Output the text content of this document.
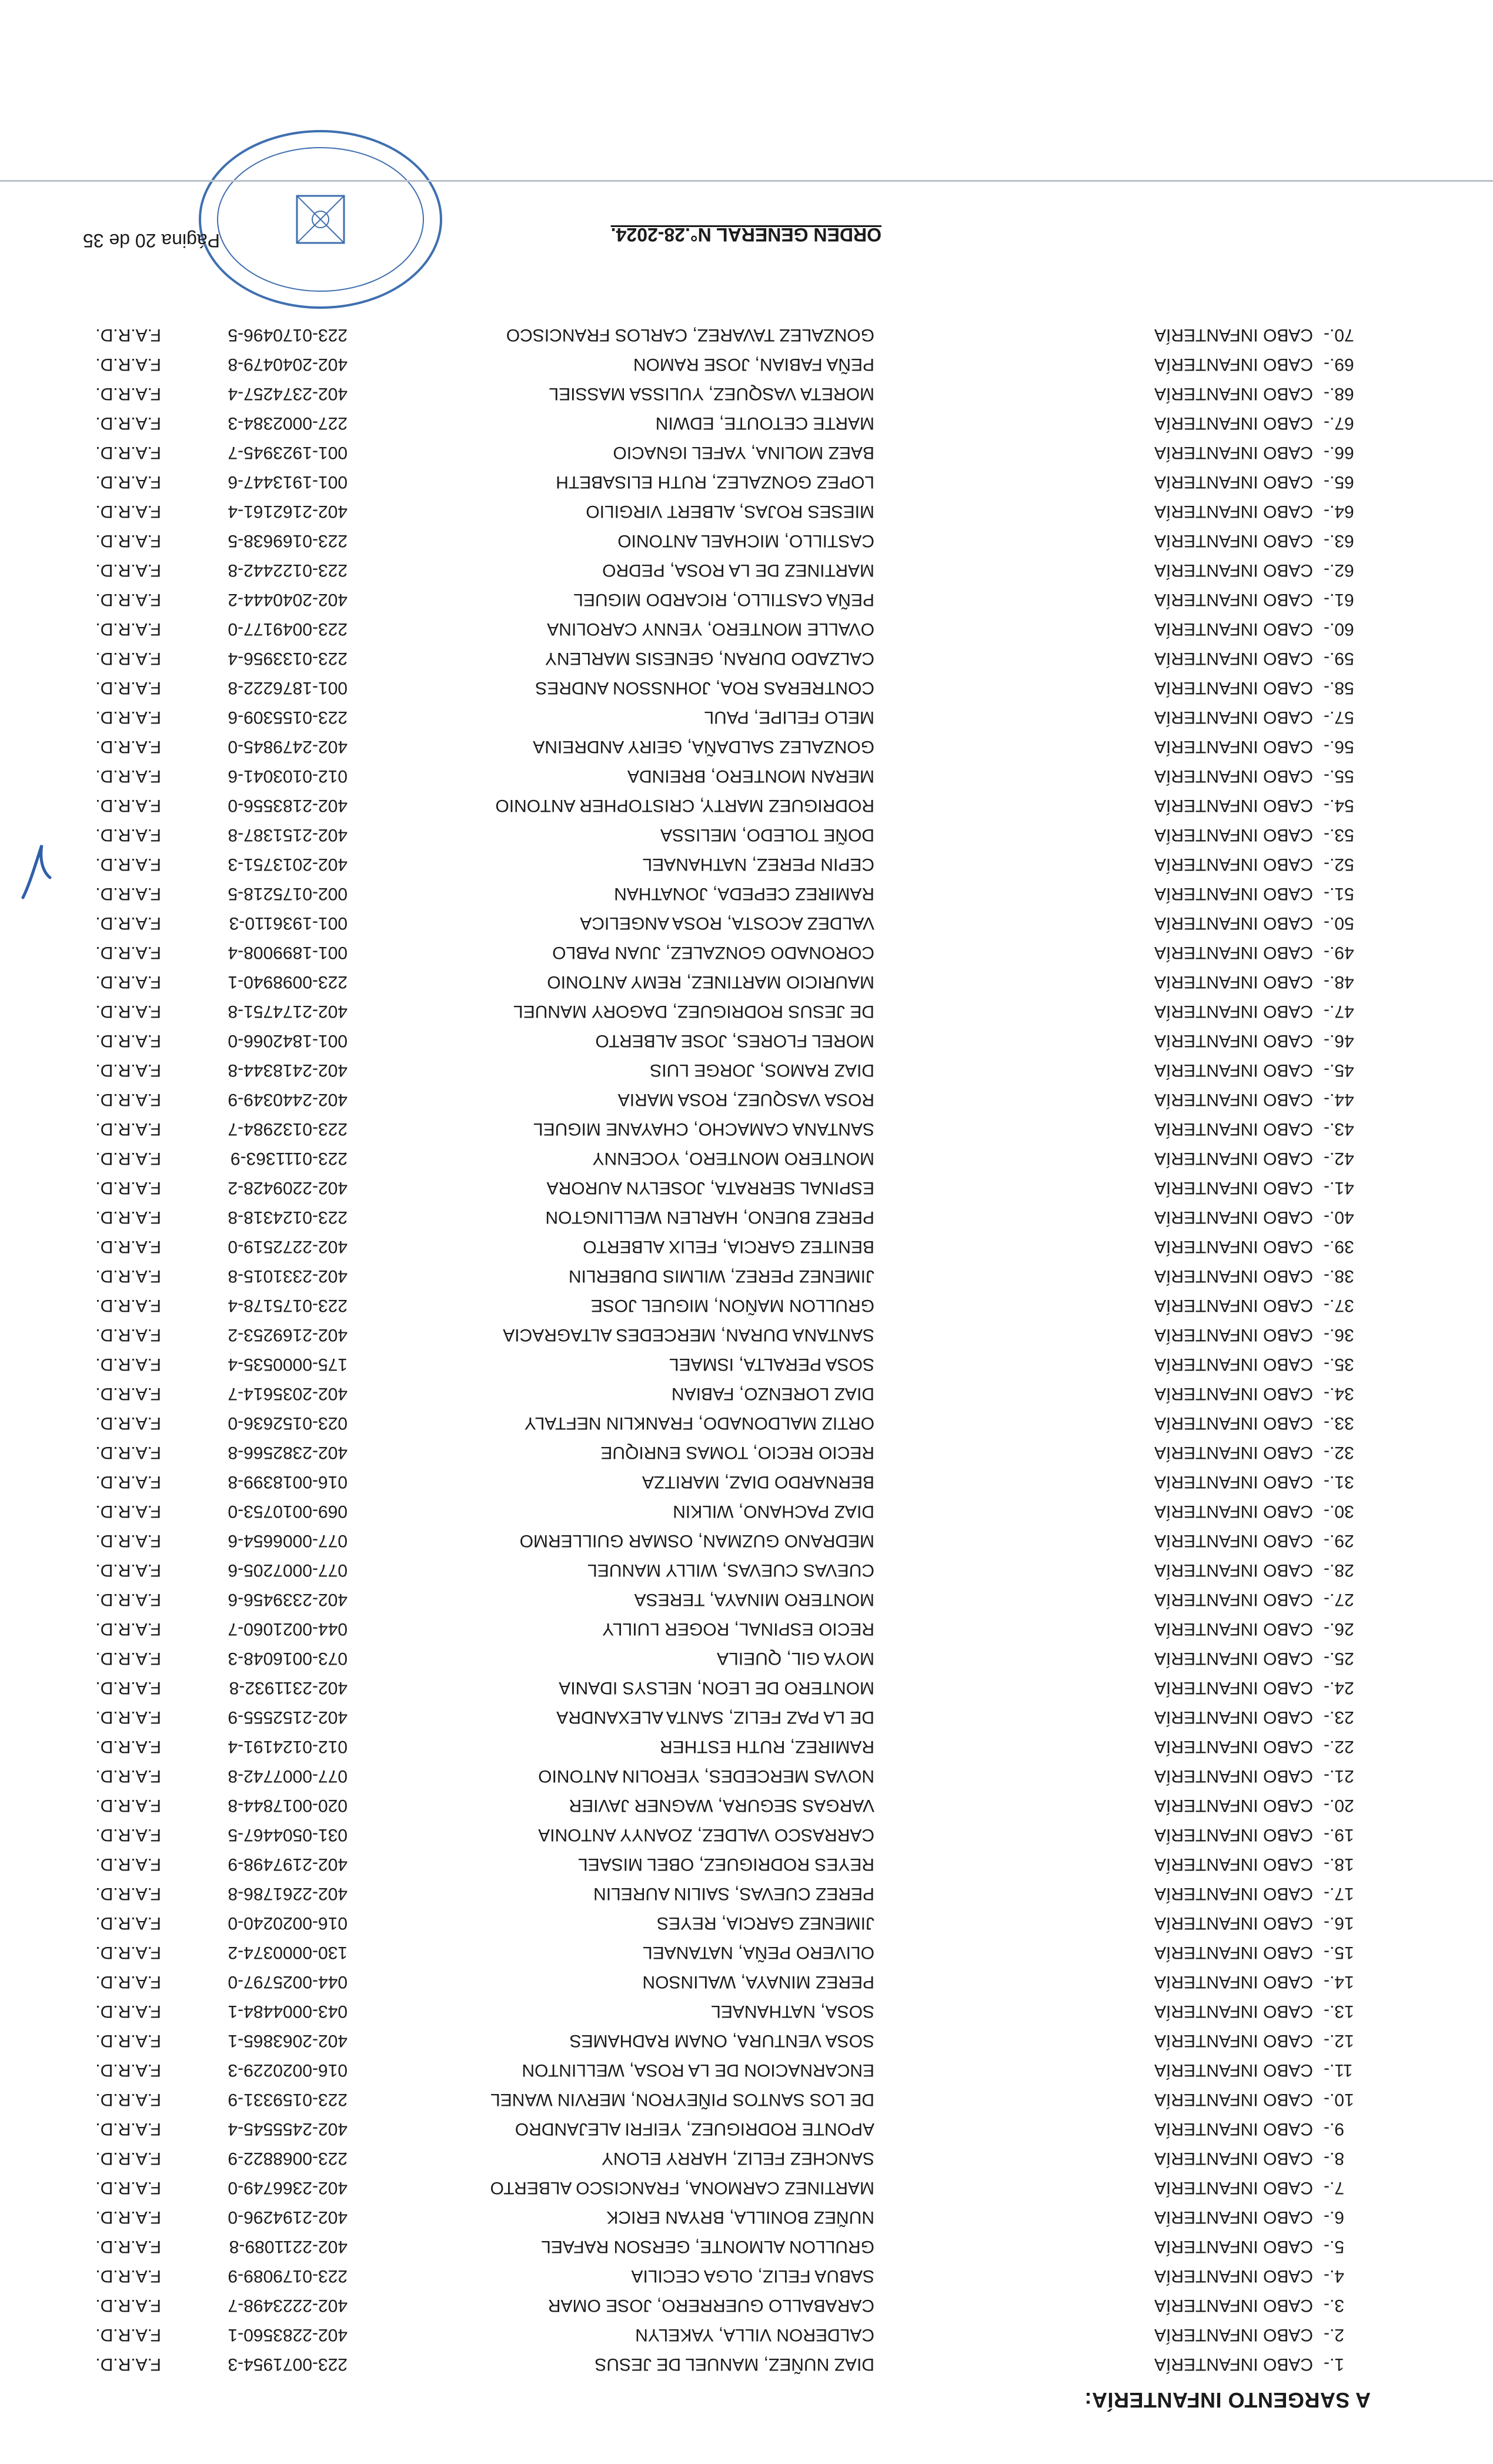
A SARGENTO INFANTERÍA:
1.-
CABO INFANTERÍA
DIAZ NUÑEZ, MANUEL DE JESUS
223-0071954-3
F.A.R.D.
2.-
CABO INFANTERÍA
CALDERON VILLA, YAKELYN
402-2283560-1
F.A.R.D.
3.-
CABO INFANTERÍA
CARABALLO GUERRERO, JOSE OMAR
402-2223498-7
F.A.R.D.
4.-
CABO INFANTERÍA
SABUA FELIZ, OLGA CECILIA
223-0179089-9
F.A.R.D.
5.-
CABO INFANTERÍA
GRULLON ALMONTE, GERSON RAFAEL
402-2211089-8
F.A.R.D.
6.-
CABO INFANTERÍA
NUÑEZ BONILLA, BRYAN ERICK
402-2194296-0
F.A.R.D.
7.-
CABO INFANTERÍA
MARTINEZ CARMONA, FRANCISCO ALBERTO
402-2366749-0
F.A.R.D.
8.-
CABO INFANTERÍA
SANCHEZ FELIZ, HARRY ELONY
223-0068822-9
F.A.R.D.
9.-
CABO INFANTERÍA
APONTE RODRIGUEZ, YEIFRI ALEJANDRO
402-2455545-4
F.A.R.D.
10.-
CABO INFANTERÍA
DE LOS SANTOS PIÑEYRON, MERVIN WANEL
223-0159331-9
F.A.R.D.
11.-
CABO INFANTERÍA
ENCARNACION DE LA ROSA, WELLINTON
016-0020229-3
F.A.R.D.
12.-
CABO INFANTERÍA
SOSA VENTURA, ONAM RADHAMES
402-2063865-1
F.A.R.D.
13.-
CABO INFANTERÍA
SOSA, NATHANAEL
043-0004484-1
F.A.R.D.
14.-
CABO INFANTERÍA
PEREZ MINAYA, WALINSON
044-0025797-0
F.A.R.D.
15.-
CABO INFANTERÍA
OLIVERO PEÑA, NATANAEL
130-0000374-2
F.A.R.D.
16.-
CABO INFANTERÍA
JIMENEZ GARCIA, REYES
016-0020240-0
F.A.R.D.
17.-
CABO INFANTERÍA
PEREZ CUEVAS, SAILIN AURELIN
402-2261786-8
F.A.R.D.
18.-
CABO INFANTERÍA
REYES RODRIGUEZ, OBEL MISAEL
402-2197498-9
F.A.R.D.
19.-
CABO INFANTERÍA
CARRASCO VALDEZ, ZOANYY ANTONIA
031-0504467-5
F.A.R.D.
20.-
CABO INFANTERÍA
VARGAS SEGURA, WAGNER JAVIER
020-0017844-8
F.A.R.D.
21.-
CABO INFANTERÍA
NOVAS MERCEDES, YEROLIN ANTONIO
077-0007742-8
F.A.R.D.
22.-
CABO INFANTERÍA
RAMIREZ, RUTH ESTHER
012-0124191-4
F.A.R.D.
23.-
CABO INFANTERÍA
DE LA PAZ FELIZ, SANTA ALEXANDRA
402-2152555-9
F.A.R.D.
24.-
CABO INFANTERÍA
MONTERO DE LEON, NELSYS IDANIA
402-2311932-8
F.A.R.D.
25.-
CABO INFANTERÍA
MOYA GIL, QUEILA
073-0016048-3
F.A.R.D.
26.-
CABO INFANTERÍA
RECIO ESPINAL, ROGER LUILLY
044-0021060-7
F.A.R.D.
27.-
CABO INFANTERÍA
MONTERO MINAYA, TERESA
402-2339456-6
F.A.R.D.
28.-
CABO INFANTERÍA
CUEVAS CUEVAS, WILLY MANUEL
077-0007205-6
F.A.R.D.
29.-
CABO INFANTERÍA
MEDRANO GUZMAN, OSMAR GUILLERMO
077-0006654-6
F.A.R.D.
30.-
CABO INFANTERÍA
DIAZ PACHANO, WILKIN
069-0010753-0
F.A.R.D.
31.-
CABO INFANTERÍA
BERNARDO DIAZ, MARITZA
016-0018399-8
F.A.R.D.
32.-
CABO INFANTERÍA
RECIO RECIO, TOMAS ENRIQUE
402-2382566-8
F.A.R.D.
33.-
CABO INFANTERÍA
ORTIZ MALDONADO, FRANKLIN NEFTALY
023-0152636-0
F.A.R.D.
34.-
CABO INFANTERÍA
DIAZ LORENZO, FABIAN
402-2035614-7
F.A.R.D.
35.-
CABO INFANTERÍA
SOSA PERALTA, ISMAEL
175-0000535-4
F.A.R.D.
36.-
CABO INFANTERÍA
SANTANA DURAN, MERCEDES ALTAGRACIA
402-2169253-2
F.A.R.D.
37.-
CABO INFANTERÍA
GRULLON MAÑON, MIGUEL JOSE
223-0175178-4
F.A.R.D.
38.-
CABO INFANTERÍA
JIMENEZ PEREZ, WILMIS DUBERLIN
402-2331015-8
F.A.R.D.
39.-
CABO INFANTERÍA
BENITEZ GARCIA, FELIX ALBERTO
402-2272519-0
F.A.R.D.
40.-
CABO INFANTERÍA
PEREZ BUENO, HARLEN WELLINGTON
223-0124318-8
F.A.R.D.
41.-
CABO INFANTERÍA
ESPINAL SERRATA, JOSELYN AURORA
402-2209428-2
F.A.R.D.
42.-
CABO INFANTERÍA
MONTERO MONTERO, YOCENNY
223-0111363-9
F.A.R.D.
43.-
CABO INFANTERÍA
SANTANA CAMACHO, CHAYANE MIGUEL
223-0132984-7
F.A.R.D.
44.-
CABO INFANTERÍA
ROSA VASQUEZ, ROSA MARIA
402-2440349-9
F.A.R.D.
45.-
CABO INFANTERÍA
DIAZ RAMOS, JORGE LUIS
402-2418344-8
F.A.R.D.
46.-
CABO INFANTERÍA
MOREL FLORES, JOSE ALBERTO
001-1842066-0
F.A.R.D.
47.-
CABO INFANTERÍA
DE JESUS RODRIGUEZ, DAGORY MANUEL
402-2174751-8
F.A.R.D.
48.-
CABO INFANTERÍA
MAURICIO MARTINEZ, REMY ANTONIO
223-0098940-1
F.A.R.D.
49.-
CABO INFANTERÍA
CORONADO GONZALEZ, JUAN PABLO
001-1899008-4
F.A.R.D.
50.-
CABO INFANTERÍA
VALDEZ ACOSTA, ROSA ANGELICA
001-1936110-3
F.A.R.D.
51.-
CABO INFANTERÍA
RAMIREZ CEPEDA, JONATHAN
002-0175218-5
F.A.R.D.
52.-
CABO INFANTERÍA
CEPIN PEREZ, NATHANAEL
402-2013751-3
F.A.R.D.
53.-
CABO INFANTERÍA
DOÑE TOLEDO, MELISSA
402-2151387-8
F.A.R.D.
54.-
CABO INFANTERÍA
RODRIGUEZ MARTY, CRISTOPHER ANTONIO
402-2183556-0
F.A.R.D.
55.-
CABO INFANTERÍA
MERAN MONTERO, BREINDA
012-0103041-6
F.A.R.D.
56.-
CABO INFANTERÍA
GONZALEZ SALDAÑA, GEIRY ANDREINA
402-2479845-0
F.A.R.D.
57.-
CABO INFANTERÍA
MELO FELIPE, PAUL
223-0155309-6
F.A.R.D.
58.-
CABO INFANTERÍA
CONTRERAS ROA, JOHNSSON ANDRES
001-1876222-8
F.A.R.D.
59.-
CABO INFANTERÍA
CALZADO DURAN, GENESIS MARLENY
223-0133956-4
F.A.R.D.
60.-
CABO INFANTERÍA
OVALLE MONTERO, YENNY CAROLINA
223-0049177-0
F.A.R.D.
61.-
CABO INFANTERÍA
PEÑA CASTILLO, RICARDO MIGUEL
402-2040444-2
F.A.R.D.
62.-
CABO INFANTERÍA
MARTINEZ DE LA ROSA, PEDRO
223-0122442-8
F.A.R.D.
63.-
CABO INFANTERÍA
CASTILLO, MICHAEL ANTONIO
223-0169638-5
F.A.R.D.
64.-
CABO INFANTERÍA
MIESES ROJAS, ALBERT VIRGILIO
402-2162161-4
F.A.R.D.
65.-
CABO INFANTERÍA
LOPEZ GONZALEZ, RUTH ELISABETH
001-1913447-6
F.A.R.D.
66.-
CABO INFANTERÍA
BAEZ MOLINA, YAFEL IGNACIO
001-1923945-7
F.A.R.D.
67.-
CABO INFANTERÍA
MARTE CETOUTE, EDWIN
227-0002384-3
F.A.R.D.
68.-
CABO INFANTERÍA
MORETA VASQUEZ, YULISSA MASSIEL
402-2374257-4
F.A.R.D.
69.-
CABO INFANTERÍA
PEÑA FABIAN, JOSE RAMON
402-2040479-8
F.A.R.D.
70.-
CABO INFANTERÍA
GONZALEZ TAVAREZ, CARLOS FRANCISCO
223-0170496-5
F.A.R.D.
ORDEN GENERAL N°.28-2024.
Página 20 de 35
